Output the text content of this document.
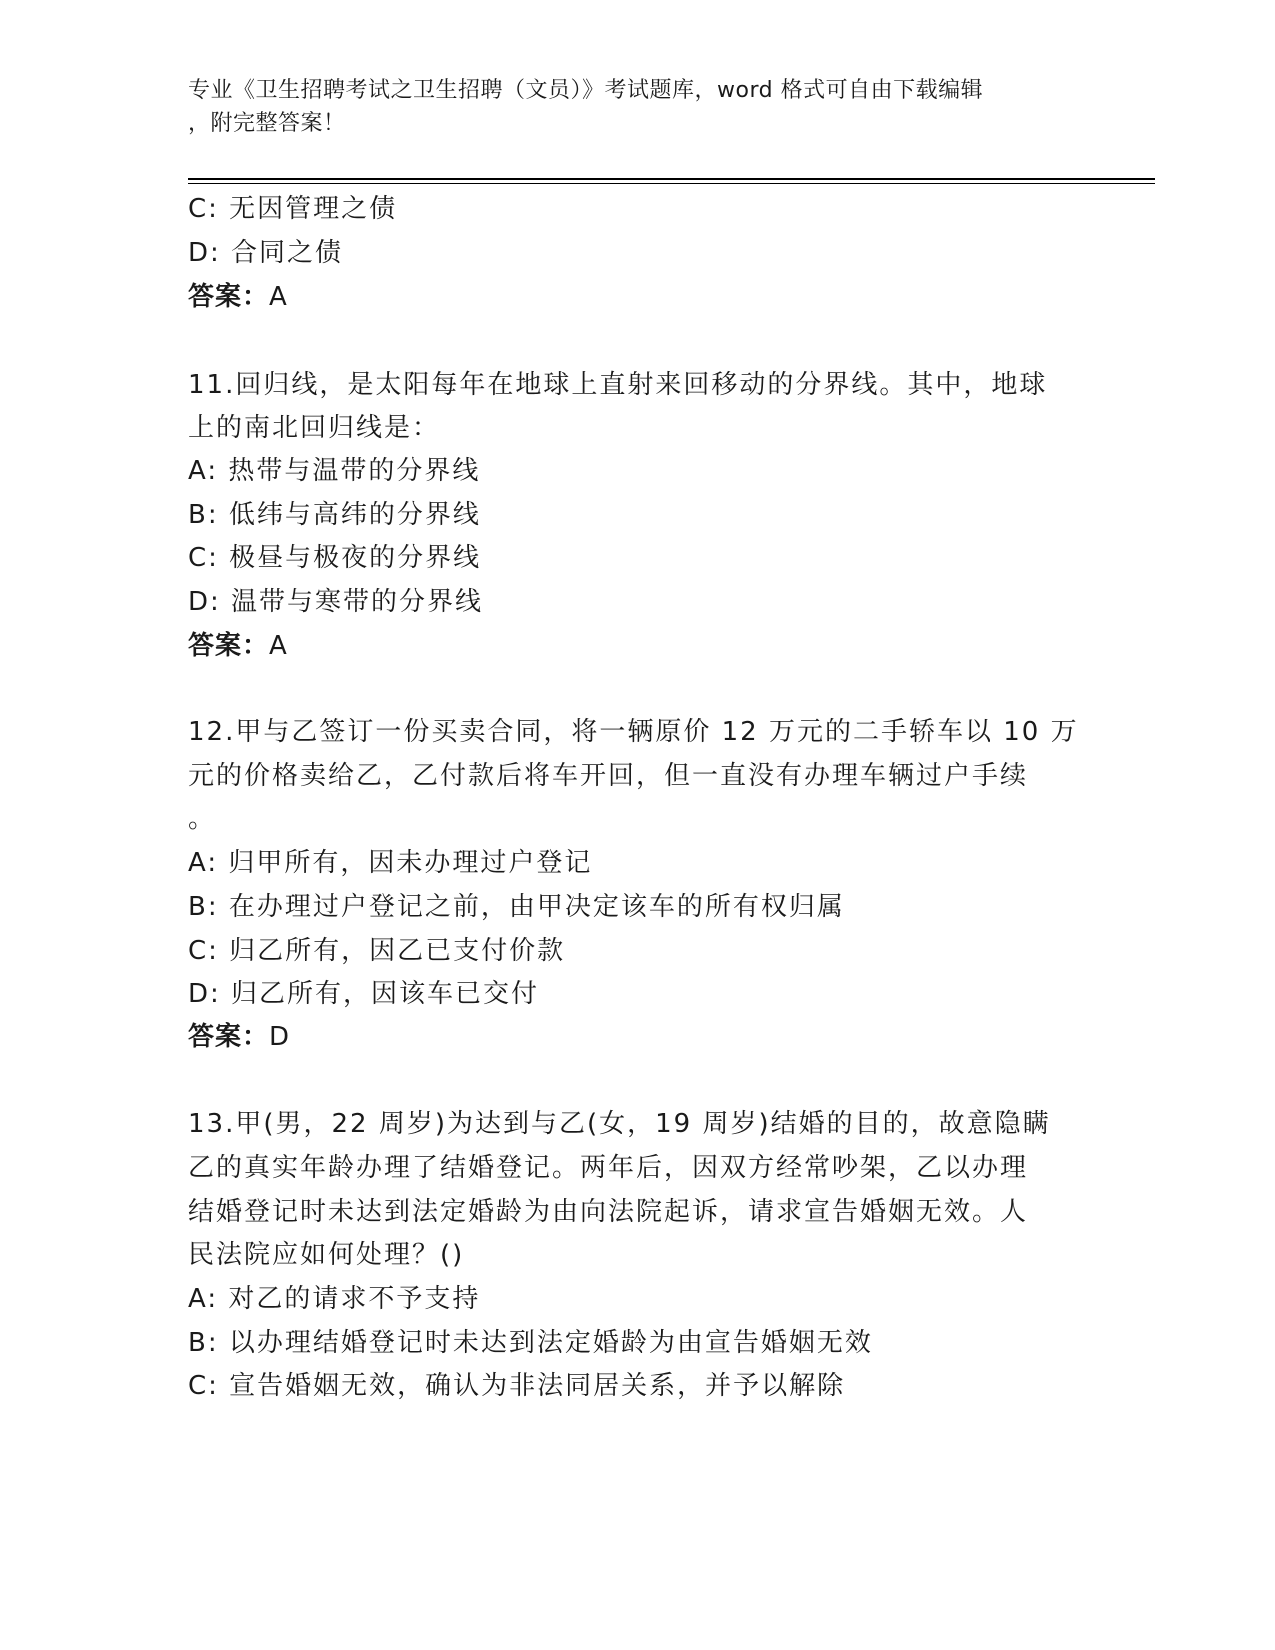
专业《卫生招聘考试之卫生招聘（文员）》考试题库，word 格式可自由下载编辑
，附完整答案！
C: 无因管理之债
D: 合同之债
答案：A
11.回归线，是太阳每年在地球上直射来回移动的分界线。其中，地球
上的南北回归线是：
A: 热带与温带的分界线
B: 低纬与高纬的分界线
C: 极昼与极夜的分界线
D: 温带与寒带的分界线
答案：A
12.甲与乙签订一份买卖合同，将一辆原价 12 万元的二手轿车以 10 万
元的价格卖给乙，乙付款后将车开回，但一直没有办理车辆过户手续
。
A: 归甲所有，因未办理过户登记
B: 在办理过户登记之前，由甲决定该车的所有权归属
C: 归乙所有，因乙已支付价款
D: 归乙所有，因该车已交付
答案：D
13.甲(男，22 周岁)为达到与乙(女，19 周岁)结婚的目的，故意隐瞒
乙的真实年龄办理了结婚登记。两年后，因双方经常吵架，乙以办理
结婚登记时未达到法定婚龄为由向法院起诉，请求宣告婚姻无效。人
民法院应如何处理？()
A: 对乙的请求不予支持
B: 以办理结婚登记时未达到法定婚龄为由宣告婚姻无效
C: 宣告婚姻无效，确认为非法同居关系，并予以解除
